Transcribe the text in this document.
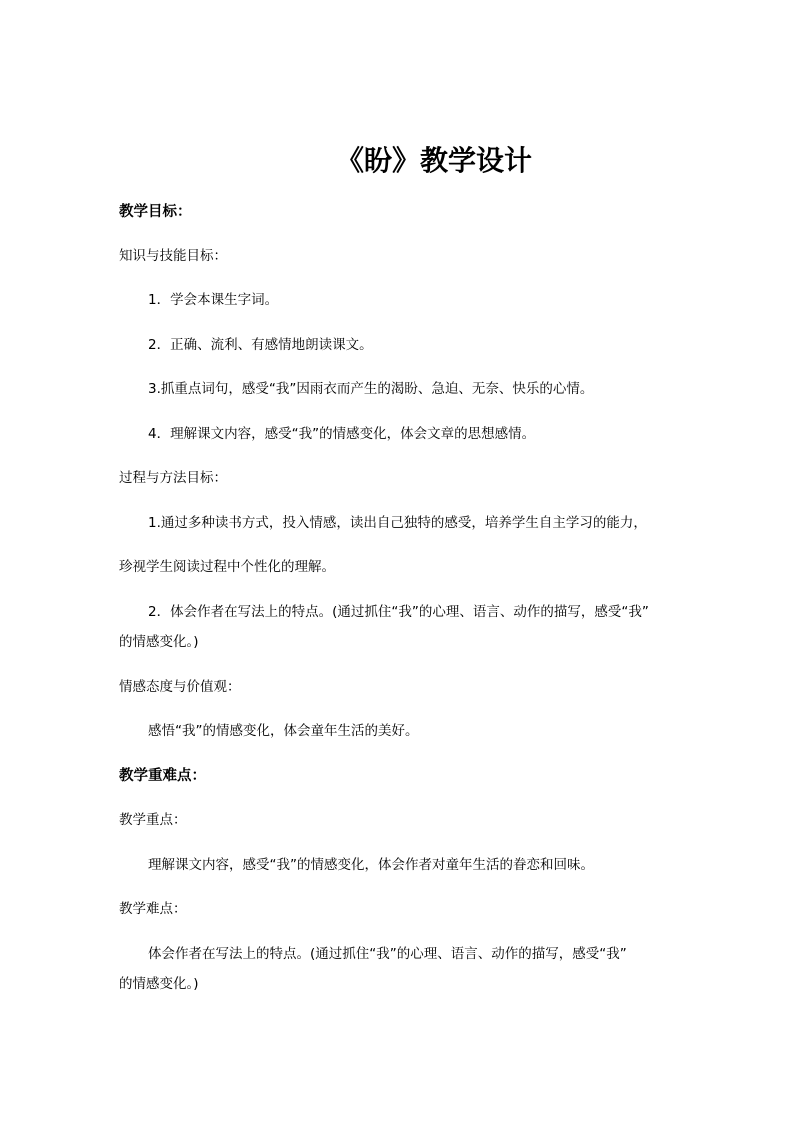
《盼》教学设计
教学目标：
知识与技能目标：
1．学会本课生字词。
2．正确、流利、有感情地朗读课文。
3.抓重点词句，感受“我”因雨衣而产生的渴盼、急迫、无奈、快乐的心情。
4．理解课文内容，感受“我”的情感变化，体会文章的思想感情。
过程与方法目标：
1.通过多种读书方式，投入情感，读出自己独特的感受，培养学生自主学习的能力，
珍视学生阅读过程中个性化的理解。
2．体会作者在写法上的特点。(通过抓住“我”的心理、语言、动作的描写，感受“我”
的情感变化。)
情感态度与价值观：
感悟“我”的情感变化，体会童年生活的美好。
教学重难点：
教学重点：
理解课文内容，感受“我”的情感变化，体会作者对童年生活的眷恋和回味。
教学难点：
体会作者在写法上的特点。(通过抓住“我”的心理、语言、动作的描写，感受“我”
的情感变化。)
